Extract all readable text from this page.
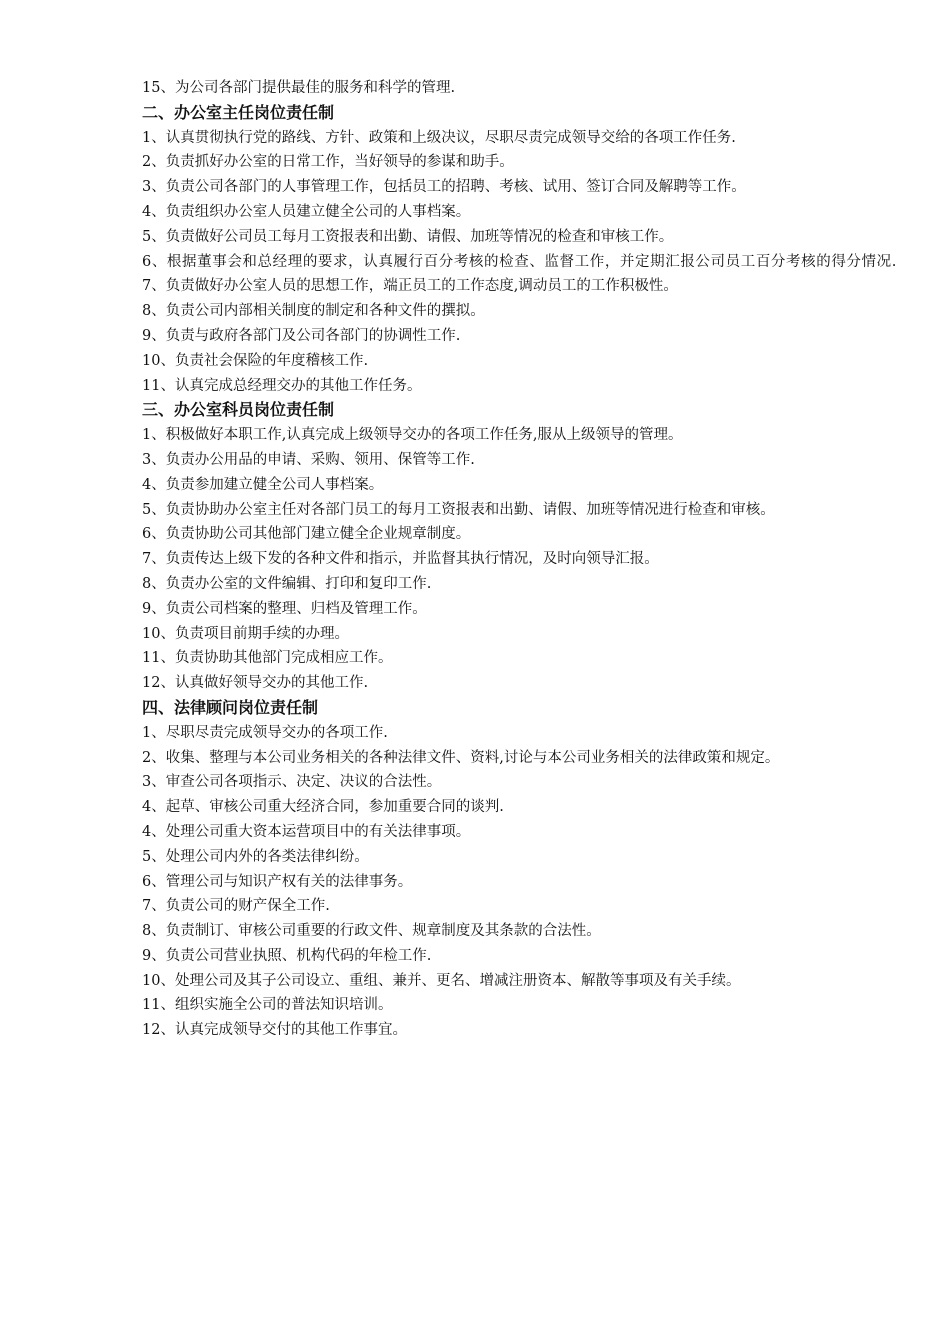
15、为公司各部门提供最佳的服务和科学的管理.
二、办公室主任岗位责任制
1、认真贯彻执行党的路线、方针、政策和上级决议，尽职尽责完成领导交给的各项工作任务.
2、负责抓好办公室的日常工作，当好领导的参谋和助手。
3、负责公司各部门的人事管理工作，包括员工的招聘、考核、试用、签订合同及解聘等工作。
4、负责组织办公室人员建立健全公司的人事档案。
5、负责做好公司员工每月工资报表和出勤、请假、加班等情况的检查和审核工作。
6、根据董事会和总经理的要求，认真履行百分考核的检查、监督工作，并定期汇报公司员工百分考核的得分情况.
7、负责做好办公室人员的思想工作，端正员工的工作态度,调动员工的工作积极性。
8、负责公司内部相关制度的制定和各种文件的撰拟。
9、负责与政府各部门及公司各部门的协调性工作.
10、负责社会保险的年度稽核工作.
11、认真完成总经理交办的其他工作任务。
三、办公室科员岗位责任制
1、积极做好本职工作,认真完成上级领导交办的各项工作任务,服从上级领导的管理。
3、负责办公用品的申请、采购、领用、保管等工作.
4、负责参加建立健全公司人事档案。
5、负责协助办公室主任对各部门员工的每月工资报表和出勤、请假、加班等情况进行检查和审核。
6、负责协助公司其他部门建立健全企业规章制度。
7、负责传达上级下发的各种文件和指示，并监督其执行情况，及时向领导汇报。
8、负责办公室的文件编辑、打印和复印工作.
9、负责公司档案的整理、归档及管理工作。
10、负责项目前期手续的办理。
11、负责协助其他部门完成相应工作。
12、认真做好领导交办的其他工作.
四、法律顾问岗位责任制
1、尽职尽责完成领导交办的各项工作.
2、收集、整理与本公司业务相关的各种法律文件、资料,讨论与本公司业务相关的法律政策和规定。
3、审查公司各项指示、决定、决议的合法性。
4、起草、审核公司重大经济合同，参加重要合同的谈判.
4、处理公司重大资本运营项目中的有关法律事项。
5、处理公司内外的各类法律纠纷。
6、管理公司与知识产权有关的法律事务。
7、负责公司的财产保全工作.
8、负责制订、审核公司重要的行政文件、规章制度及其条款的合法性。
9、负责公司营业执照、机构代码的年检工作.
10、处理公司及其子公司设立、重组、兼并、更名、增减注册资本、解散等事项及有关手续。
11、组织实施全公司的普法知识培训。
12、认真完成领导交付的其他工作事宜。
